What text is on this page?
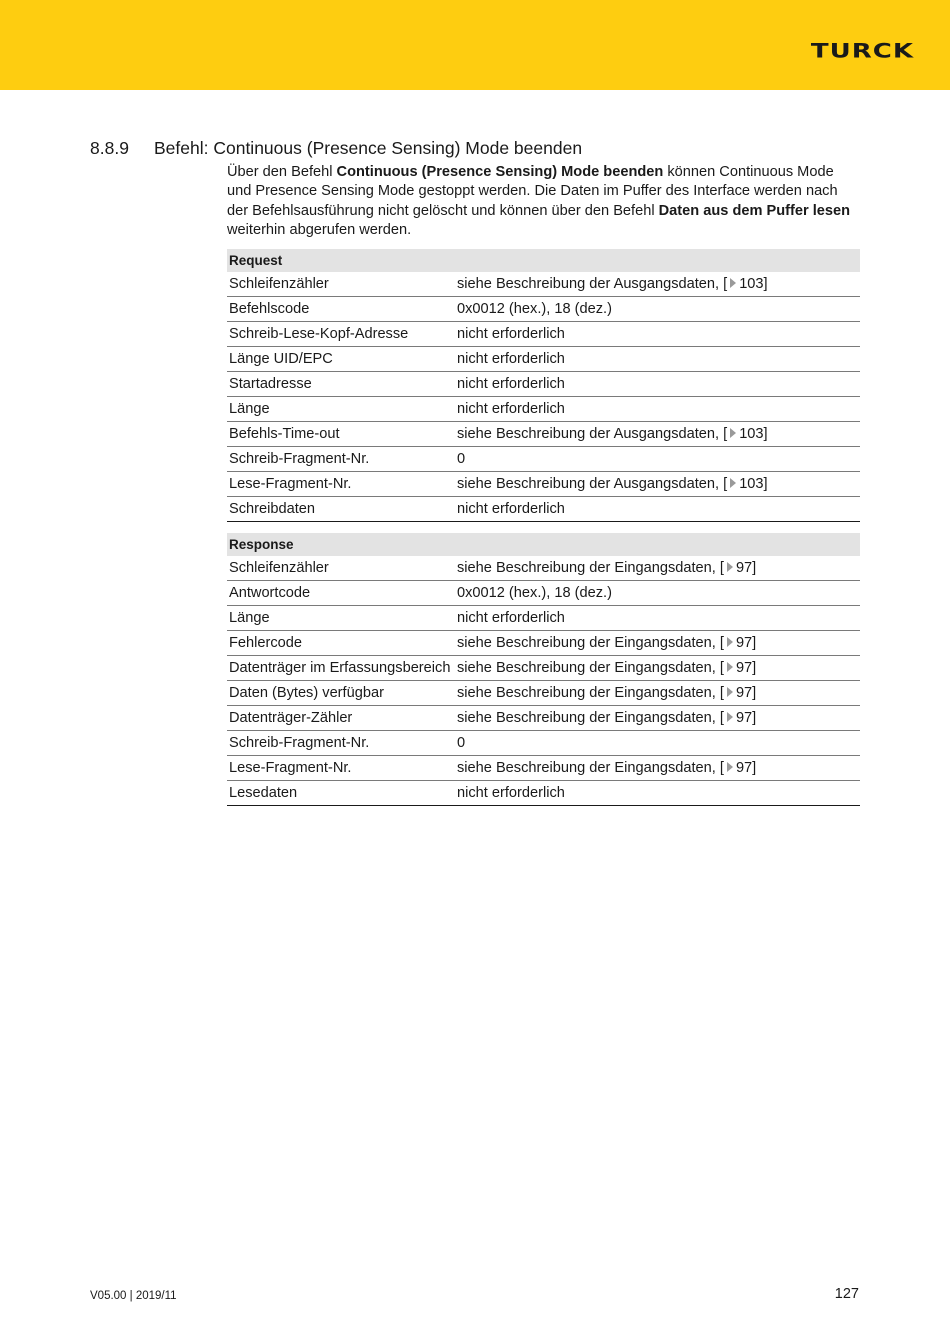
TURCK
8.8.9 Befehl: Continuous (Presence Sensing) Mode beenden

Über den Befehl Continuous (Presence Sensing) Mode beenden können Continuous Mode und Presence Sensing Mode gestoppt werden. Die Daten im Puffer des Interface werden nach der Befehlsausführung nicht gelöscht und können über den Befehl Daten aus dem Puffer lesen weiterhin abgerufen werden.

Request	
Schleifenzähler	siehe Beschreibung der Ausgangsdaten, [ 103]
Befehlscode	0x0012 (hex.), 18 (dez.)
Schreib-Lese-Kopf-Adresse	nicht erforderlich
Länge UID/EPC	nicht erforderlich
Startadresse	nicht erforderlich
Länge	nicht erforderlich
Befehls-Time-out	siehe Beschreibung der Ausgangsdaten, [ 103]
Schreib-Fragment-Nr.	0
Lese-Fragment-Nr.	siehe Beschreibung der Ausgangsdaten, [ 103]
Schreibdaten	nicht erforderlich
Response	
Schleifenzähler	siehe Beschreibung der Eingangsdaten, [ 97]
Antwortcode	0x0012 (hex.), 18 (dez.)
Länge	nicht erforderlich
Fehlercode	siehe Beschreibung der Eingangsdaten, [ 97]
Datenträger im Erfassungsbereich	siehe Beschreibung der Eingangsdaten, [ 97]
Daten (Bytes) verfügbar	siehe Beschreibung der Eingangsdaten, [ 97]
Datenträger-Zähler	siehe Beschreibung der Eingangsdaten, [ 97]
Schreib-Fragment-Nr.	0
Lese-Fragment-Nr.	siehe Beschreibung der Eingangsdaten, [ 97]
Lesedaten	nicht erforderlich
V05.00 | 2019/11	127
